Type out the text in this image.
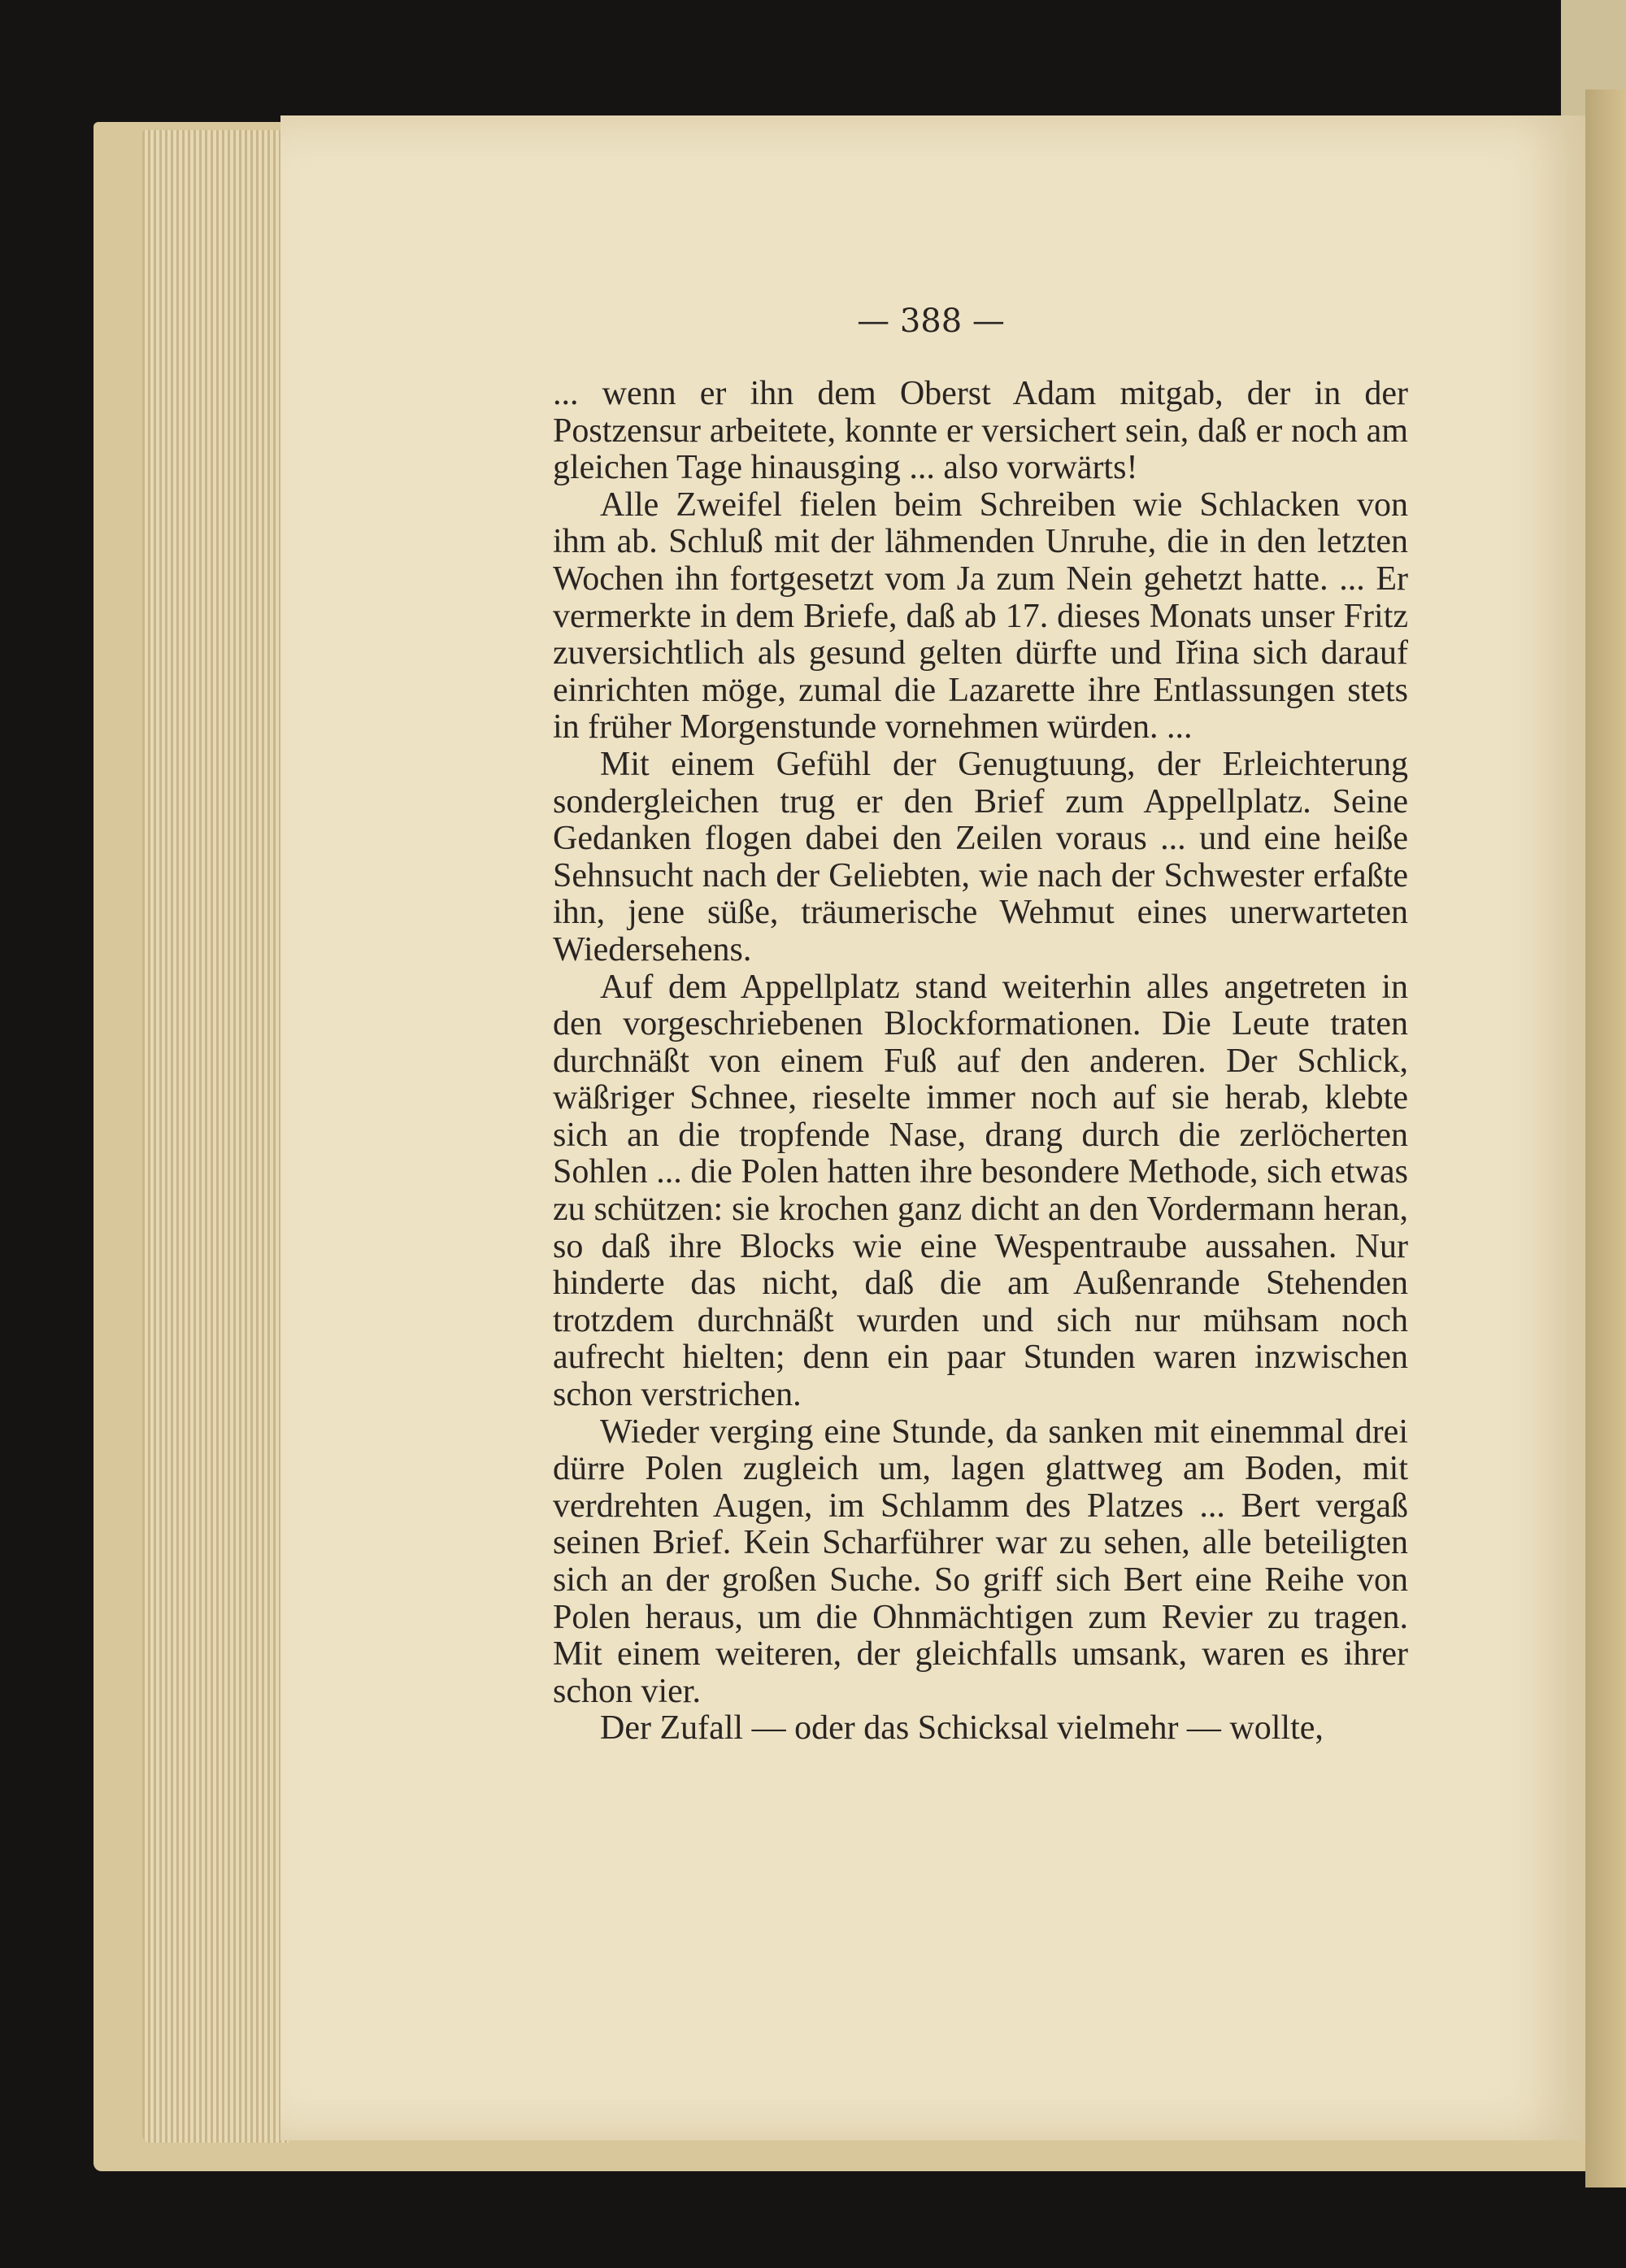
— 388 —

... wenn er ihn dem Oberst Adam mitgab, der in der Postzensur arbeitete, konnte er versichert sein, daß er noch am gleichen Tage hinausging ... also vorwärts!

Alle Zweifel fielen beim Schreiben wie Schlacken von ihm ab. Schluß mit der lähmenden Unruhe, die in den letzten Wochen ihn fortgesetzt vom Ja zum Nein gehetzt hatte. ... Er vermerkte in dem Briefe, daß ab 17. dieses Monats unser Fritz zuversichtlich als gesund gelten dürfte und Iřina sich darauf einrichten möge, zumal die Lazarette ihre Entlassungen stets in früher Morgenstunde vornehmen würden. ...

Mit einem Gefühl der Genugtuung, der Erleichterung sondergleichen trug er den Brief zum Appellplatz. Seine Gedanken flogen dabei den Zeilen voraus ... und eine heiße Sehnsucht nach der Geliebten, wie nach der Schwester erfaßte ihn, jene süße, träumerische Wehmut eines unerwarteten Wiedersehens.

Auf dem Appellplatz stand weiterhin alles angetreten in den vorgeschriebenen Blockformationen. Die Leute traten durchnäßt von einem Fuß auf den anderen. Der Schlick, wäßriger Schnee, rieselte immer noch auf sie herab, klebte sich an die tropfende Nase, drang durch die zerlöcherten Sohlen ... die Polen hatten ihre besondere Methode, sich etwas zu schützen: sie krochen ganz dicht an den Vordermann heran, so daß ihre Blocks wie eine Wespentraube aussahen. Nur hinderte das nicht, daß die am Außenrande Stehenden trotzdem durchnäßt wurden und sich nur mühsam noch aufrecht hielten; denn ein paar Stunden waren inzwischen schon verstrichen.

Wieder verging eine Stunde, da sanken mit einemmal drei dürre Polen zugleich um, lagen glattweg am Boden, mit verdrehten Augen, im Schlamm des Platzes ... Bert vergaß seinen Brief. Kein Scharführer war zu sehen, alle beteiligten sich an der großen Suche. So griff sich Bert eine Reihe von Polen heraus, um die Ohnmächtigen zum Revier zu tragen. Mit einem weiteren, der gleichfalls umsank, waren es ihrer schon vier.

Der Zufall — oder das Schicksal vielmehr — wollte,
